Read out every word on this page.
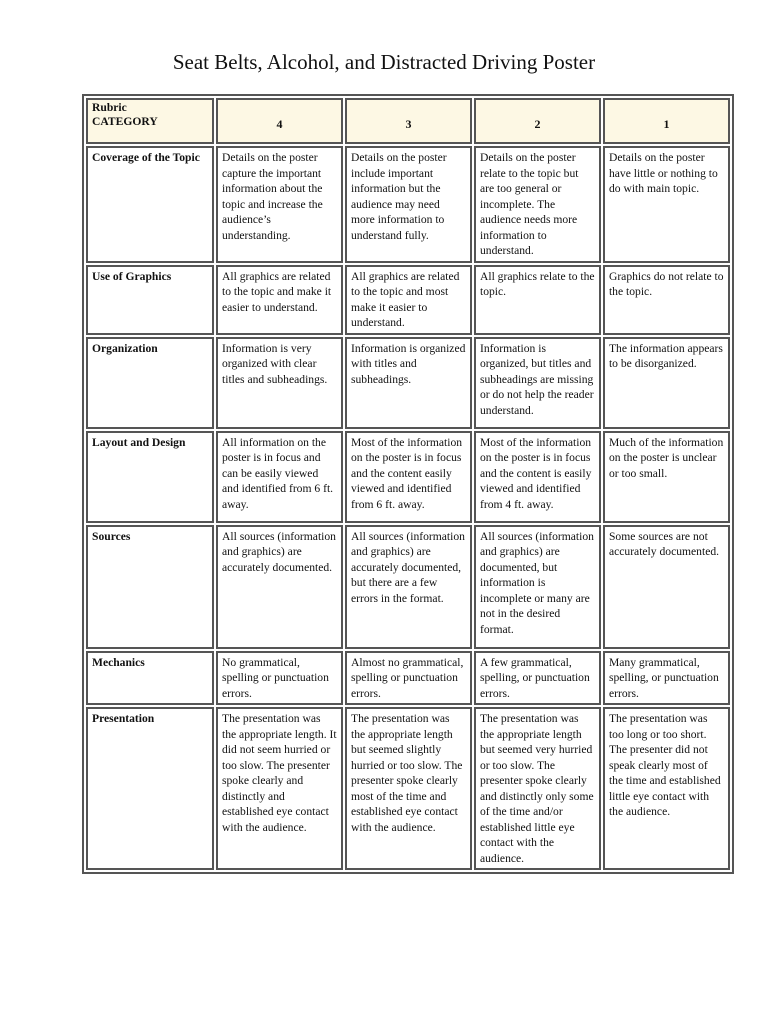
Seat Belts, Alcohol, and Distracted Driving Poster
Rubric
CATEGORY	4	3	2	1
Coverage of the Topic	Details on the poster capture the important information about the topic and increase the audience’s understanding.	Details on the poster include important information but the audience may need more information to understand fully.	Details on the poster relate to the topic but are too general or incomplete. The audience needs more information to understand.	Details on the poster have little or nothing to do with main topic.
Use of Graphics	All graphics are related to the topic and make it easier to understand.	All graphics are related to the topic and most make it easier to understand.	All graphics relate to the topic.	Graphics do not relate to the topic.
Organization	Information is very organized with clear titles and subheadings.	Information is organized with titles and subheadings.	Information is organized, but titles and subheadings are missing or do not help the reader understand.	The information appears to be disorganized.
Layout and Design	All information on the poster is in focus and can be easily viewed and identified from 6 ft. away.	Most of the information on the poster is in focus and the content easily viewed and identified from 6 ft. away.	Most of the information on the poster is in focus and the content is easily viewed and identified from 4 ft. away.	Much of the information on the poster is unclear or too small.
Sources	All sources (information and graphics) are accurately documented.	All sources (information and graphics) are accurately documented, but there are a few errors in the format.	All sources (information and graphics) are documented, but information is incomplete or many are not in the desired format.	Some sources are not accurately documented.
Mechanics	No grammatical, spelling or punctuation errors.	Almost no grammatical, spelling or punctuation errors.	A few grammatical, spelling, or punctuation errors.	Many grammatical, spelling, or punctuation errors.
Presentation	The presentation was the appropriate length. It did not seem hurried or too slow. The presenter spoke clearly and distinctly and established eye contact with the audience.	The presentation was the appropriate length but seemed slightly hurried or too slow. The presenter spoke clearly most of the time and established eye contact with the audience.	The presentation was the appropriate length but seemed very hurried or too slow. The presenter spoke clearly and distinctly only some of the time and/or established little eye contact with the audience.	The presentation was too long or too short. The presenter did not speak clearly most of the time and established little eye contact with the audience.
